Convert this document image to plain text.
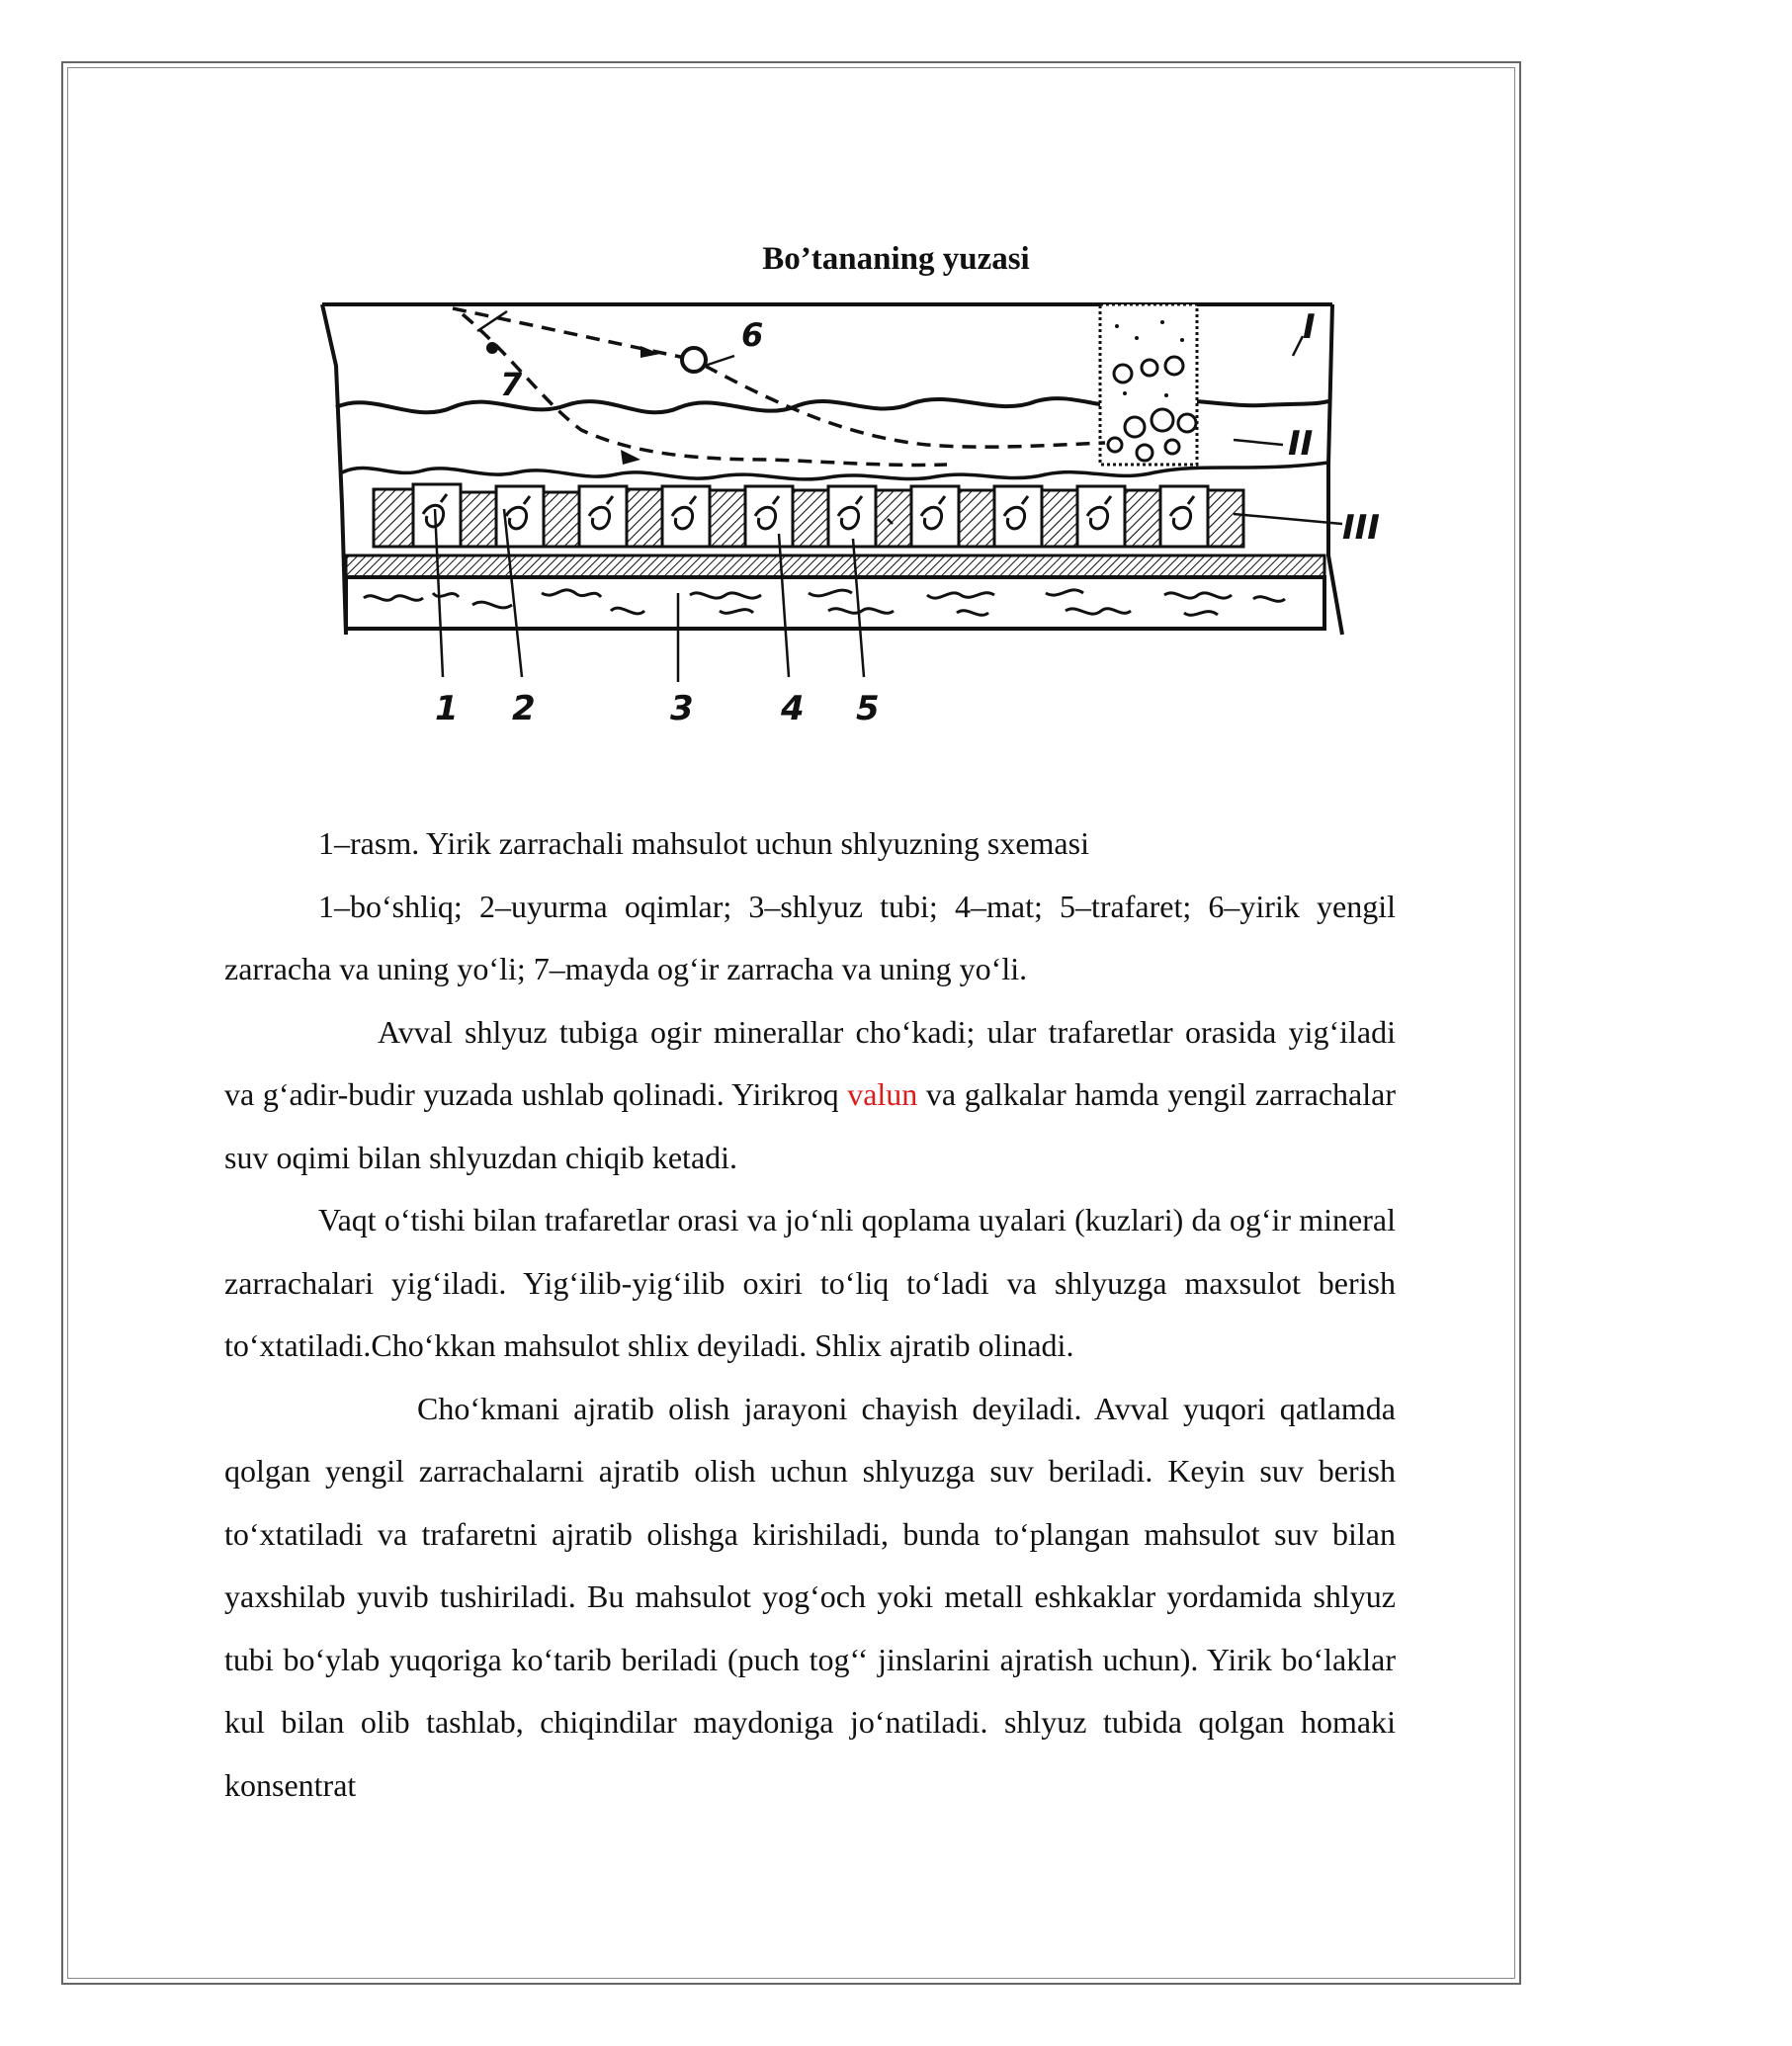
Bo’tananing yuzasi
I
II
III
6
7
1 2	3	4 5

1–rasm. Yirik zarrachali mahsulot uchun shlyuzning sxemasi

1–bo‘shliq; 2–uyurma oqimlar; 3–shlyuz tubi; 4–mat; 5–trafaret; 6–yirik yengil zarracha va uning yo‘li; 7–mayda og‘ir zarracha va uning yo‘li.

Avval shlyuz tubiga ogir minerallar cho‘kadi; ular trafaretlar orasida yig‘iladi va g‘adir-budir yuzada ushlab qolinadi. Yirikroq valun va galkalar hamda yengil zarrachalar suv oqimi bilan shlyuzdan chiqib ketadi.

Vaqt o‘tishi bilan trafaretlar orasi va jo‘nli qoplama uyalari (kuzlari) da og‘ir mineral zarrachalari yig‘iladi. Yig‘ilib-yig‘ilib oxiri to‘liq to‘ladi va shlyuzga maxsulot berish to‘xtatiladi.Cho‘kkan mahsulot shlix deyiladi. Shlix ajratib olinadi.

Cho‘kmani ajratib olish jarayoni chayish deyiladi. Avval yuqori qatlamda qolgan yengil zarrachalarni ajratib olish uchun shlyuzga suv beriladi. Keyin suv berish to‘xtatiladi va trafaretni ajratib olishga kirishiladi, bunda to‘plangan mahsulot suv bilan yaxshilab yuvib tushiriladi. Bu mahsulot yog‘och yoki metall eshkaklar yordamida shlyuz tubi bo‘ylab yuqoriga ko‘tarib beriladi (puch tog‘‘ jinslarini ajratish uchun). Yirik bo‘laklar kul bilan olib tashlab, chiqindilar maydoniga jo‘natiladi. shlyuz tubida qolgan homaki konsentrat
